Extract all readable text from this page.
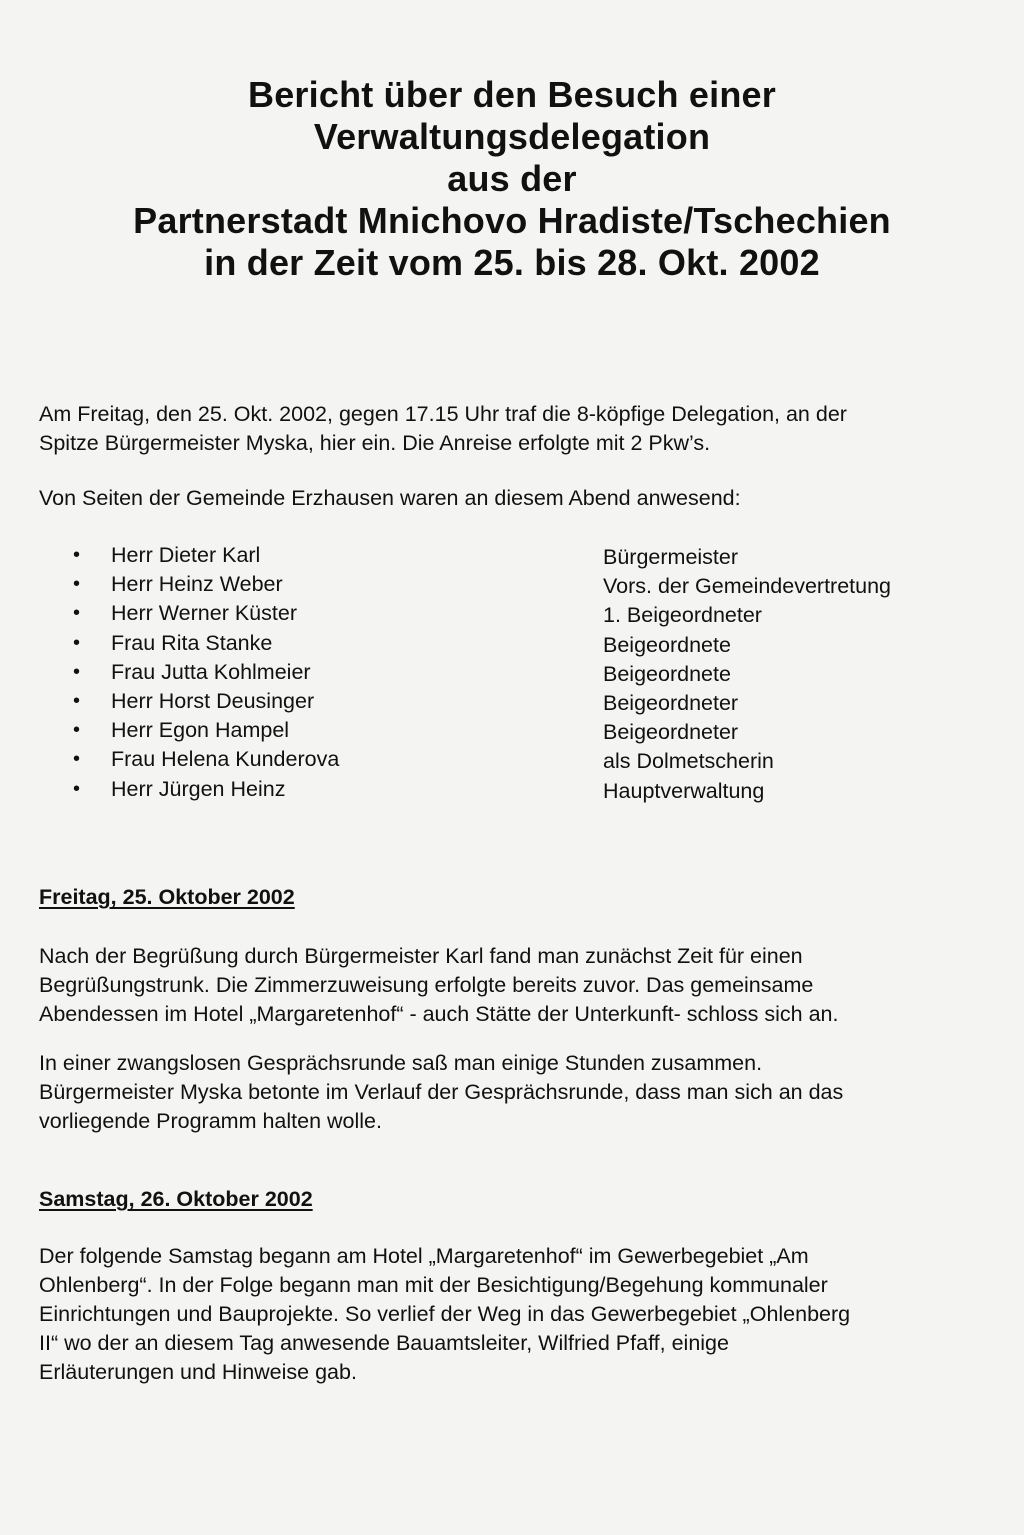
Bericht über den Besuch einer
Verwaltungsdelegation
aus der
Partnerstadt Mnichovo Hradiste/Tschechien
in der Zeit vom 25. bis 28. Okt. 2002
Am Freitag, den 25. Okt. 2002, gegen 17.15 Uhr traf die 8-köpfige Delegation, an der
Spitze Bürgermeister Myska, hier ein. Die Anreise erfolgte mit 2 Pkw’s.
Von Seiten der Gemeinde Erzhausen waren an diesem Abend anwesend:
• Herr Dieter Karl	Bürgermeister
• Herr Heinz Weber	Vors. der Gemeindevertretung
• Herr Werner Küster	1. Beigeordneter
• Frau Rita Stanke	Beigeordnete
• Frau Jutta Kohlmeier	Beigeordnete
• Herr Horst Deusinger	Beigeordneter
• Herr Egon Hampel	Beigeordneter
• Frau Helena Kunderova	als Dolmetscherin
• Herr Jürgen Heinz	Hauptverwaltung
Freitag, 25. Oktober 2002
Nach der Begrüßung durch Bürgermeister Karl fand man zunächst Zeit für einen
Begrüßungstrunk. Die Zimmerzuweisung erfolgte bereits zuvor. Das gemeinsame
Abendessen im Hotel „Margaretenhof“ - auch Stätte der Unterkunft- schloss sich an.
In einer zwangslosen Gesprächsrunde saß man einige Stunden zusammen.
Bürgermeister Myska betonte im Verlauf der Gesprächsrunde, dass man sich an das
vorliegende Programm halten wolle.
Samstag, 26. Oktober 2002
Der folgende Samstag begann am Hotel „Margaretenhof“ im Gewerbegebiet „Am
Ohlenberg“. In der Folge begann man mit der Besichtigung/Begehung kommunaler
Einrichtungen und Bauprojekte. So verlief der Weg in das Gewerbegebiet „Ohlenberg
II“ wo der an diesem Tag anwesende Bauamtsleiter, Wilfried Pfaff, einige
Erläuterungen und Hinweise gab.
